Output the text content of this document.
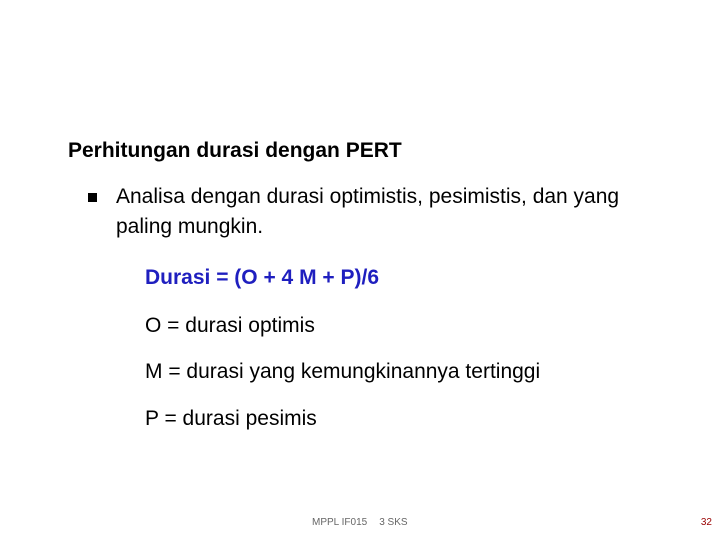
Perhitungan durasi dengan PERT
Analisa dengan durasi optimistis, pesimistis, dan yang paling mungkin.
Durasi = (O + 4 M + P)/6
O = durasi optimis
M = durasi yang kemungkinannya tertinggi
P = durasi pesimis
MPPL IF015 3 SKS	32
